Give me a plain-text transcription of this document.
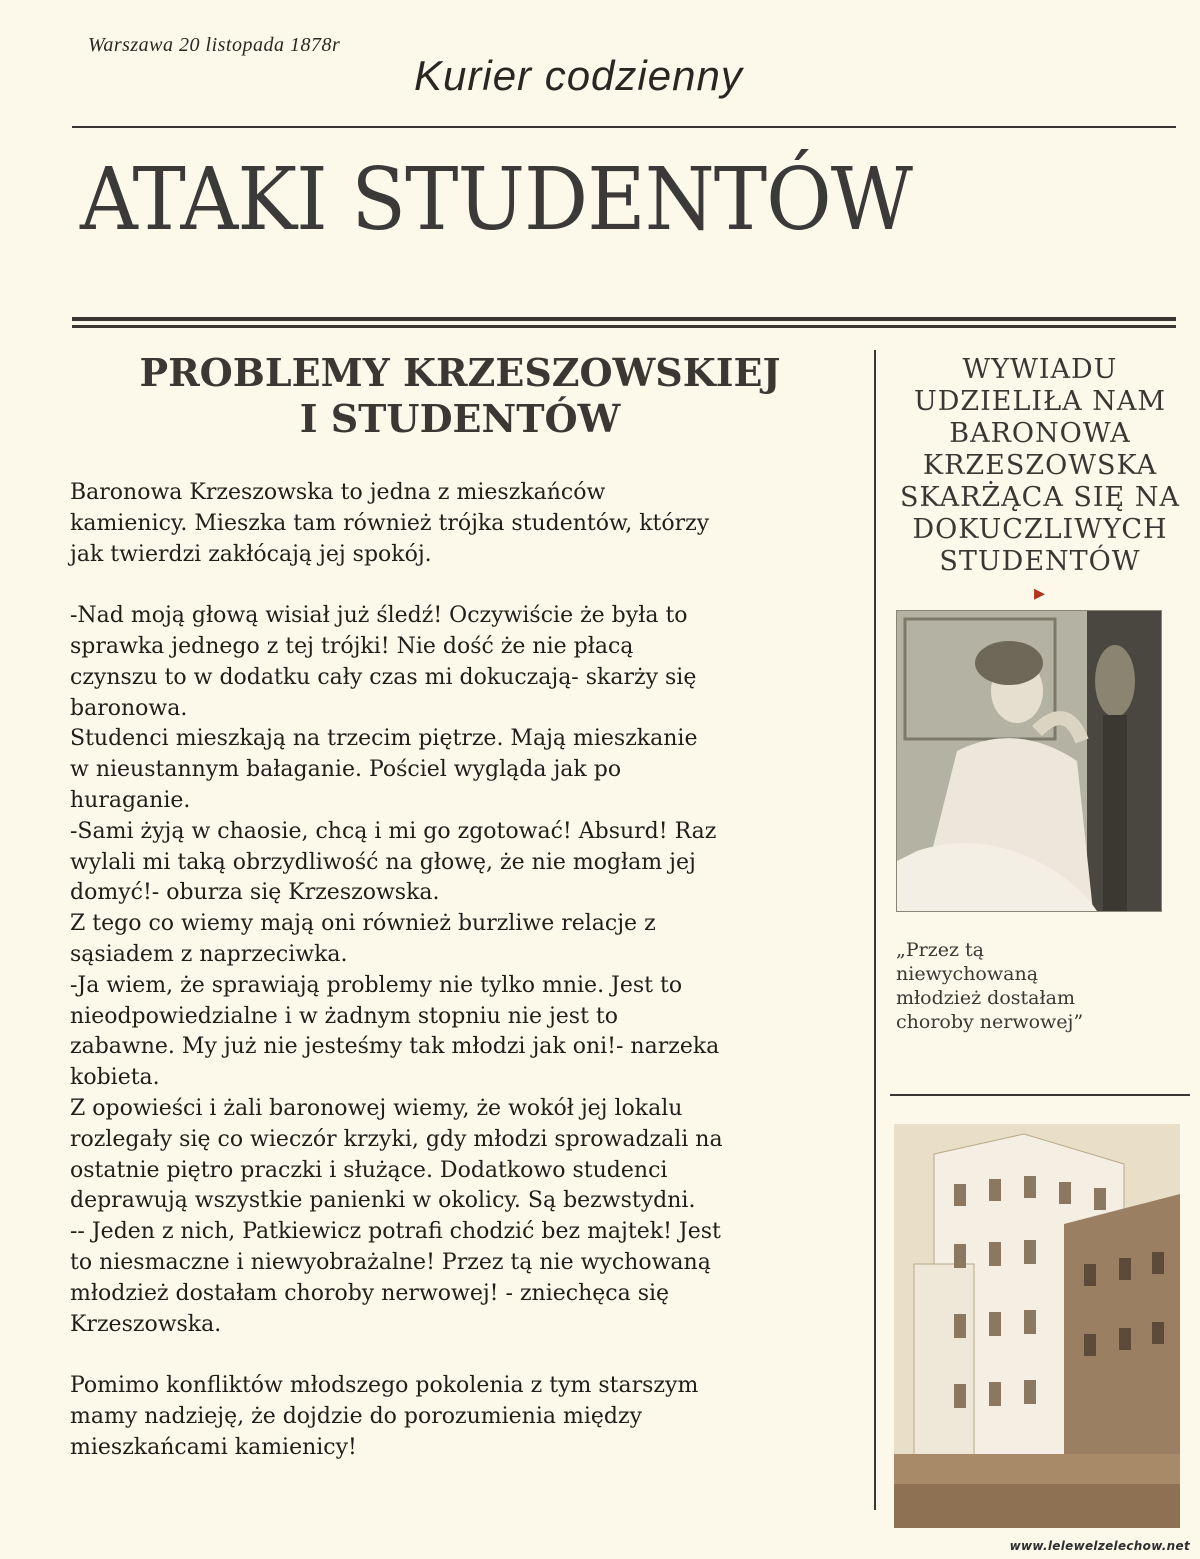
Warszawa 20 listopada 1878r
Kurier codzienny
ATAKI STUDENTÓW
PROBLEMY KRZESZOWSKIEJ
I STUDENTÓW

Baronowa Krzeszowska to jedna z mieszkańców

kamienicy. Mieszka tam również trójka studentów, którzy

jak twierdzi zakłócają jej spokój.

-Nad moją głową wisiał już śledź! Oczywiście że była to

sprawka jednego z tej trójki! Nie dość że nie płacą

czynszu to w dodatku cały czas mi dokuczają- skarży się

baronowa.

Studenci mieszkają na trzecim piętrze. Mają mieszkanie

w nieustannym bałaganie. Pościel wygląda jak po

huraganie.

-Sami żyją w chaosie, chcą i mi go zgotować! Absurd! Raz

wylali mi taką obrzydliwość na głowę, że nie mogłam jej

domyć!- oburza się Krzeszowska.

Z tego co wiemy mają oni również burzliwe relacje z

sąsiadem z naprzeciwka.

-Ja wiem, że sprawiają problemy nie tylko mnie. Jest to

nieodpowiedzialne i w żadnym stopniu nie jest to

zabawne. My już nie jesteśmy tak młodzi jak oni!- narzeka

kobieta.

Z opowieści i żali baronowej wiemy, że wokół jej lokalu

rozlegały się co wieczór krzyki, gdy młodzi sprowadzali na

ostatnie piętro praczki i służące. Dodatkowo studenci

deprawują wszystkie panienki w okolicy. Są bezwstydni.

-- Jeden z nich, Patkiewicz potrafi chodzić bez majtek! Jest

to niesmaczne i niewyobrażalne! Przez tą nie wychowaną

młodzież dostałam choroby nerwowej! - zniechęca się

Krzeszowska.

Pomimo konfliktów młodszego pokolenia z tym starszym

mamy nadzieję, że dojdzie do porozumienia między

mieszkańcami kamienicy!

WYWIADU
UDZIELIŁA NAM
BARONOWA
KRZESZOWSKA
SKARŻĄCA SIĘ NA
DOKUCZLIWYCH
STUDENTÓW
▸
„Przez tą
niewychowaną
młodzież dostałam
choroby nerwowej”
www.lelewelzelechow.net
